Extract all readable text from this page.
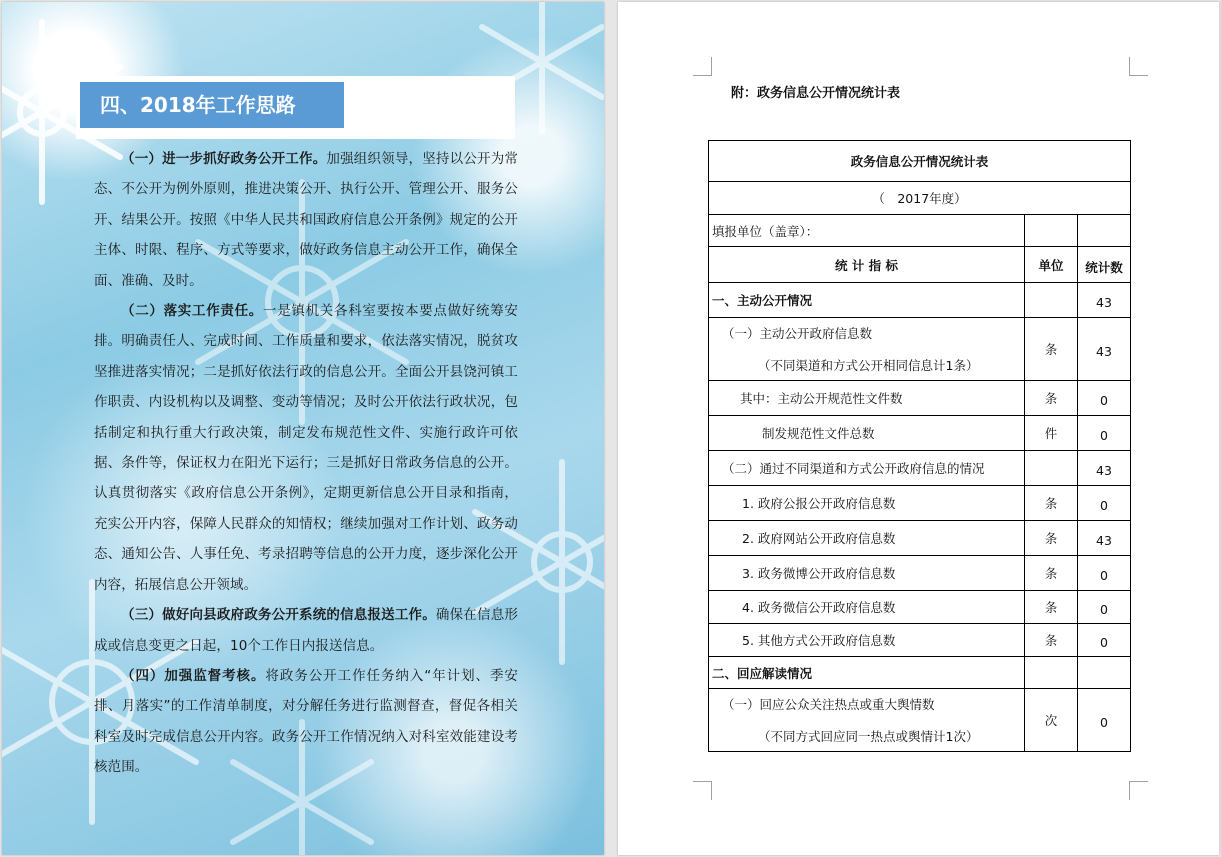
四、2018年工作思路

（一）进一步抓好政务公开工作。加强组织领导，坚持以公开为常态、不公开为例外原则，推进决策公开、执行公开、管理公开、服务公开、结果公开。按照《中华人民共和国政府信息公开条例》规定的公开主体、时限、程序、方式等要求，做好政务信息主动公开工作，确保全面、准确、及时。

（二）落实工作责任。一是镇机关各科室要按本要点做好统筹安排。明确责任人、完成时间、工作质量和要求，依法落实情况，脱贫攻坚推进落实情况；二是抓好依法行政的信息公开。全面公开县饶河镇工作职责、内设机构以及调整、变动等情况；及时公开依法行政状况，包括制定和执行重大行政决策，制定发布规范性文件、实施行政许可依据、条件等，保证权力在阳光下运行；三是抓好日常政务信息的公开。认真贯彻落实《政府信息公开条例》，定期更新信息公开目录和指南，充实公开内容，保障人民群众的知情权；继续加强对工作计划、政务动态、通知公告、人事任免、考录招聘等信息的公开力度，逐步深化公开内容，拓展信息公开领域。

（三）做好向县政府政务公开系统的信息报送工作。确保在信息形成或信息变更之日起，10个工作日内报送信息。

（四）加强监督考核。将政务公开工作任务纳入“年计划、季安排、月落实”的工作清单制度，对分解任务进行监测督查，督促各相关科室及时完成信息公开内容。政务公开工作情况纳入对科室效能建设考核范围。

附：政务信息公开情况统计表
政务信息公开情况统计表		
（　2017年度）		
填报单位（盖章）：		
统 计 指 标	单位	统计数

一、主动公开情况		43

（一）主动公开政府信息数
（不同渠道和方式公开相同信息计1条）	条	43

其中：主动公开规范性文件数	条	0

制发规范性文件总数	件	0

（二）通过不同渠道和方式公开政府信息的情况		43

1. 政府公报公开政府信息数	条	0

2. 政府网站公开政府信息数	条	43

3. 政务微博公开政府信息数	条	0

4. 政务微信公开政府信息数	条	0

5. 其他方式公开政府信息数	条	0

二、回应解读情况		

（一）回应公众关注热点或重大舆情数
（不同方式回应同一热点或舆情计1次）	次	0
